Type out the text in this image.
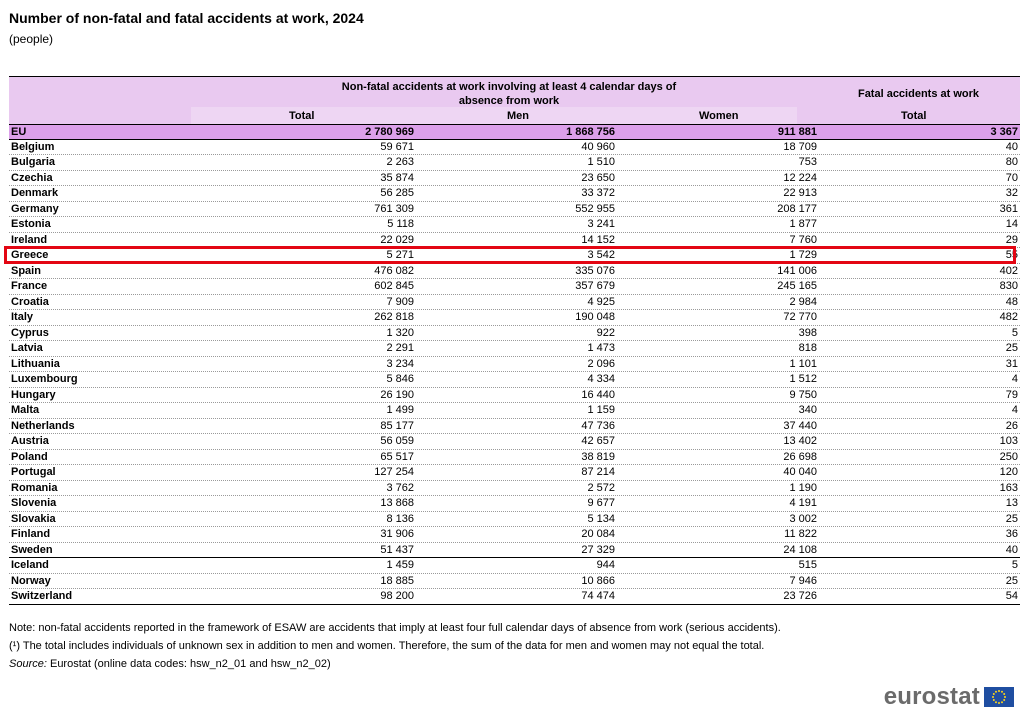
Number of non-fatal and fatal accidents at work, 2024
(people)
Non-fatal accidents at work involving at least 4 calendar days of absence from work
Fatal accidents at work
Total	Men	Women	Total
EU	2 780 969	1 868 756	911 881	3 367
Belgium	59 671	40 960	18 709	40
Bulgaria	2 263	1 510	753	80
Czechia	35 874	23 650	12 224	70
Denmark	56 285	33 372	22 913	32
Germany	761 309	552 955	208 177	361
Estonia	5 118	3 241	1 877	14
Ireland	22 029	14 152	7 760	29
Greece	5 271	3 542	1 729	55
Spain	476 082	335 076	141 006	402
France	602 845	357 679	245 165	830
Croatia	7 909	4 925	2 984	48
Italy	262 818	190 048	72 770	482
Cyprus	1 320	922	398	5
Latvia	2 291	1 473	818	25
Lithuania	3 234	2 096	1 101	31
Luxembourg	5 846	4 334	1 512	4
Hungary	26 190	16 440	9 750	79
Malta	1 499	1 159	340	4
Netherlands	85 177	47 736	37 440	26
Austria	56 059	42 657	13 402	103
Poland	65 517	38 819	26 698	250
Portugal	127 254	87 214	40 040	120
Romania	3 762	2 572	1 190	163
Slovenia	13 868	9 677	4 191	13
Slovakia	8 136	5 134	3 002	25
Finland	31 906	20 084	11 822	36
Sweden	51 437	27 329	24 108	40
Iceland	1 459	944	515	5
Norway	18 885	10 866	7 946	25
Switzerland	98 200	74 474	23 726	54
Note: non-fatal accidents reported in the framework of ESAW are accidents that imply at least four full calendar days of absence from work (serious accidents).
(¹) The total includes individuals of unknown sex in addition to men and women. Therefore, the sum of the data for men and women may not equal the total.
Source: Eurostat (online data codes: hsw_n2_01 and hsw_n2_02)
eurostat
